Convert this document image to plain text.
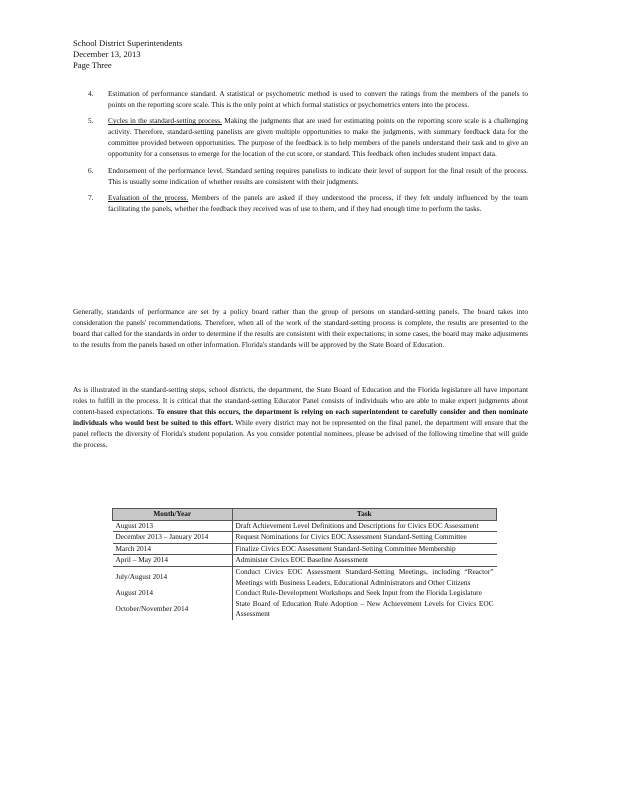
School District Superintendents
December 13, 2013
Page Three
4. Estimation of performance standard. A statistical or psychometric method is used to convert the ratings from the members of the panels to points on the reporting score scale. This is the only point at which formal statistics or psychometrics enters into the process.
5. Cycles in the standard-setting process. Making the judgments that are used for estimating points on the reporting score scale is a challenging activity. Therefore, standard-setting panelists are given multiple opportunities to make the judgments, with summary feedback data for the committee provided between opportunities. The purpose of the feedback is to help members of the panels understand their task and to give an opportunity for a consensus to emerge for the location of the cut score, or standard. This feedback often includes student impact data.
6. Endorsement of the performance level. Standard setting requires panelists to indicate their level of support for the final result of the process. This is usually some indication of whether results are consistent with their judgments.
7. Evaluation of the process. Members of the panels are asked if they understood the process, if they felt unduly influenced by the team facilitating the panels, whether the feedback they received was of use to them, and if they had enough time to perform the tasks.

Generally, standards of performance are set by a policy board rather than the group of persons on standard-setting panels. The board takes into consideration the panels' recommendations. Therefore, when all of the work of the standard-setting process is complete, the results are presented to the board that called for the standards in order to determine if the results are consistent with their expectations; in some cases, the board may make adjustments to the results from the panels based on other information. Florida's standards will be approved by the State Board of Education.

As is illustrated in the standard-setting steps, school districts, the department, the State Board of Education and the Florida legislature all have important roles to fulfill in the process. It is critical that the standard-setting Educator Panel consists of individuals who are able to make expert judgments about content-based expectations. To ensure that this occurs, the department is relying on each superintendent to carefully consider and then nominate individuals who would best be suited to this effort. While every district may not be represented on the final panel, the department will ensure that the panel reflects the diversity of Florida's student population. As you consider potential nominees, please be advised of the following timeline that will guide the process.

Month/Year	Task
August 2013	Draft Achievement Level Definitions and Descriptions for Civics EOC Assessment
December 2013 – January 2014	Request Nominations for Civics EOC Assessment Standard-Setting Committee
March 2014	Finalize Civics EOC Assessment Standard-Setting Committee Membership
April – May 2014	Administer Civics EOC Baseline Assessment
July/August 2014	Conduct Civics EOC Assessment Standard-Setting Meetings, including “Reactor” Meetings with Business Leaders, Educational Administrators and Other Citizens
August 2014	Conduct Rule-Development Workshops and Seek Input from the Florida Legislature
October/November 2014	State Board of Education Rule Adoption – New Achievement Levels for Civics EOC Assessment
